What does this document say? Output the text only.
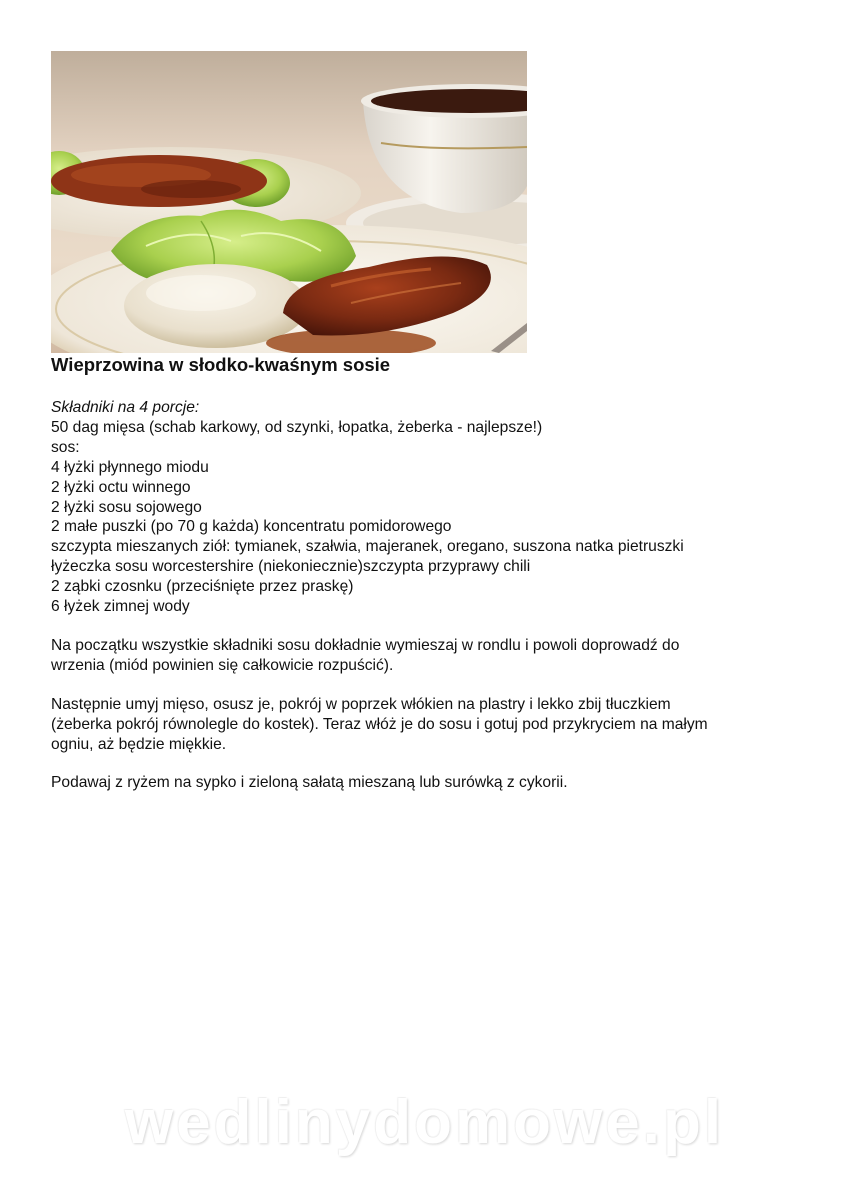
Wieprzowina w słodko-kwaśnym sosie
Składniki na 4 porcje:
50 dag mięsa (schab karkowy, od szynki, łopatka, żeberka - najlepsze!)
sos:
4 łyżki płynnego miodu
2 łyżki octu winnego
2 łyżki sosu sojowego
2 małe puszki (po 70 g każda) koncentratu pomidorowego
szczypta mieszanych ziół: tymianek, szałwia, majeranek, oregano, suszona natka pietruszki
łyżeczka sosu worcestershire (niekoniecznie)szczypta przyprawy chili
2 ząbki czosnku (przeciśnięte przez praskę)
6 łyżek zimnej wody
Na początku wszystkie składniki sosu dokładnie wymieszaj w rondlu i powoli doprowadź do
wrzenia (miód powinien się całkowicie rozpuścić).
Następnie umyj mięso, osusz je, pokrój w poprzek włókien na plastry i lekko zbij tłuczkiem
(żeberka pokrój równolegle do kostek). Teraz włóż je do sosu i gotuj pod przykryciem na małym
ogniu, aż będzie miękkie.
Podawaj z ryżem na sypko i zieloną sałatą mieszaną lub surówką z cykorii.
wedlinydomowe.pl
